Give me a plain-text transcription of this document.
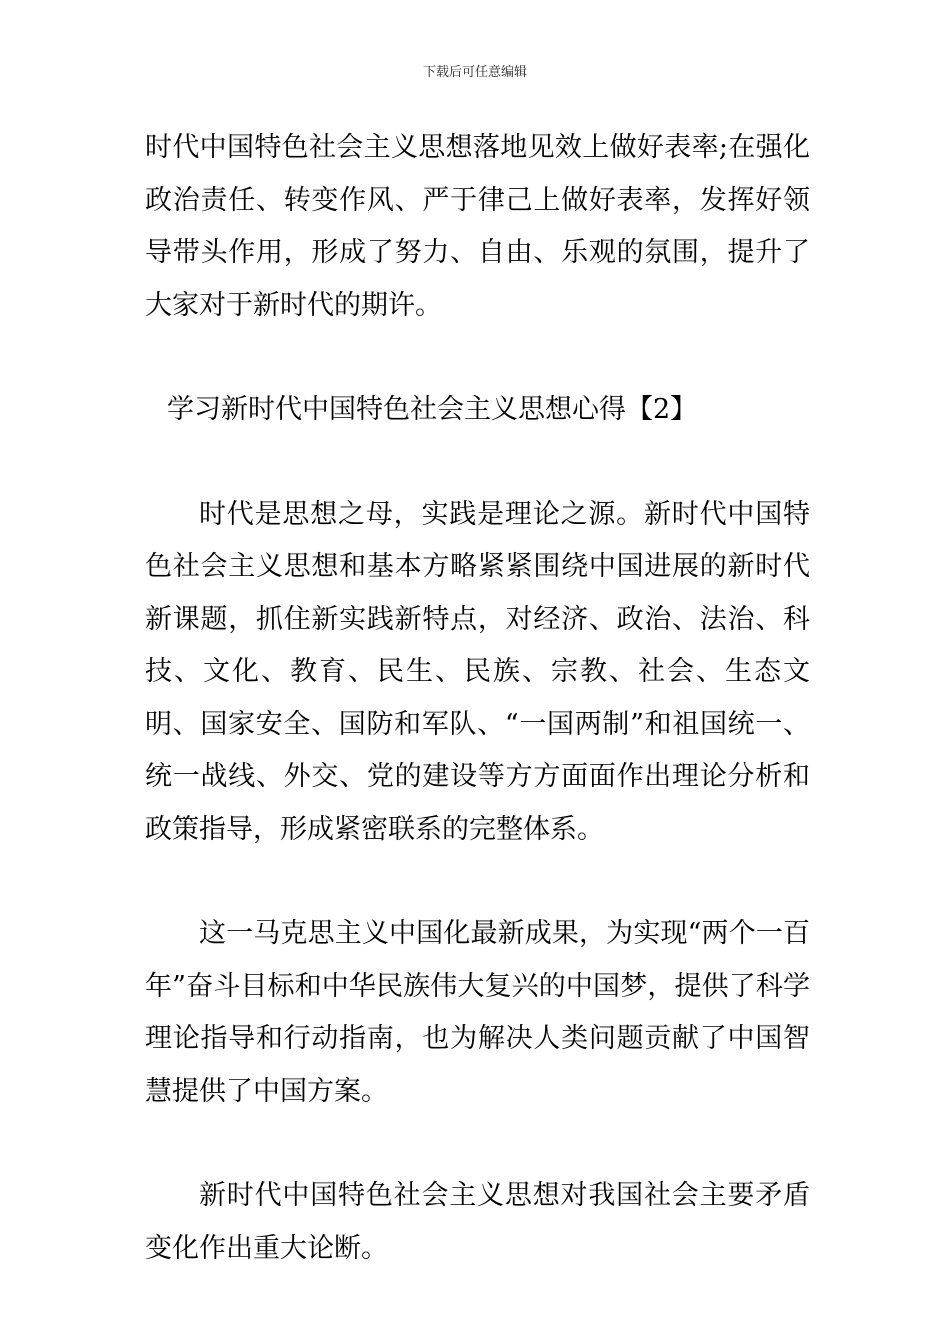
下载后可任意编辑

时代中国特色社会主义思想落地见效上做好表率;在强化政治责任、转变作风、严于律己上做好表率，发挥好领导带头作用，形成了努力、自由、乐观的氛围，提升了大家对于新时代的期许。

学习新时代中国特色社会主义思想心得【2】

时代是思想之母，实践是理论之源。新时代中国特色社会主义思想和基本方略紧紧围绕中国进展的新时代新课题，抓住新实践新特点，对经济、政治、法治、科技、文化、教育、民生、民族、宗教、社会、生态文明、国家安全、国防和军队、“一国两制”和祖国统一、统一战线、外交、党的建设等方方面面作出理论分析和政策指导，形成紧密联系的完整体系。

这一马克思主义中国化最新成果，为实现“两个一百年”奋斗目标和中华民族伟大复兴的中国梦，提供了科学理论指导和行动指南，也为解决人类问题贡献了中国智慧提供了中国方案。

新时代中国特色社会主义思想对我国社会主要矛盾变化作出重大论断。
